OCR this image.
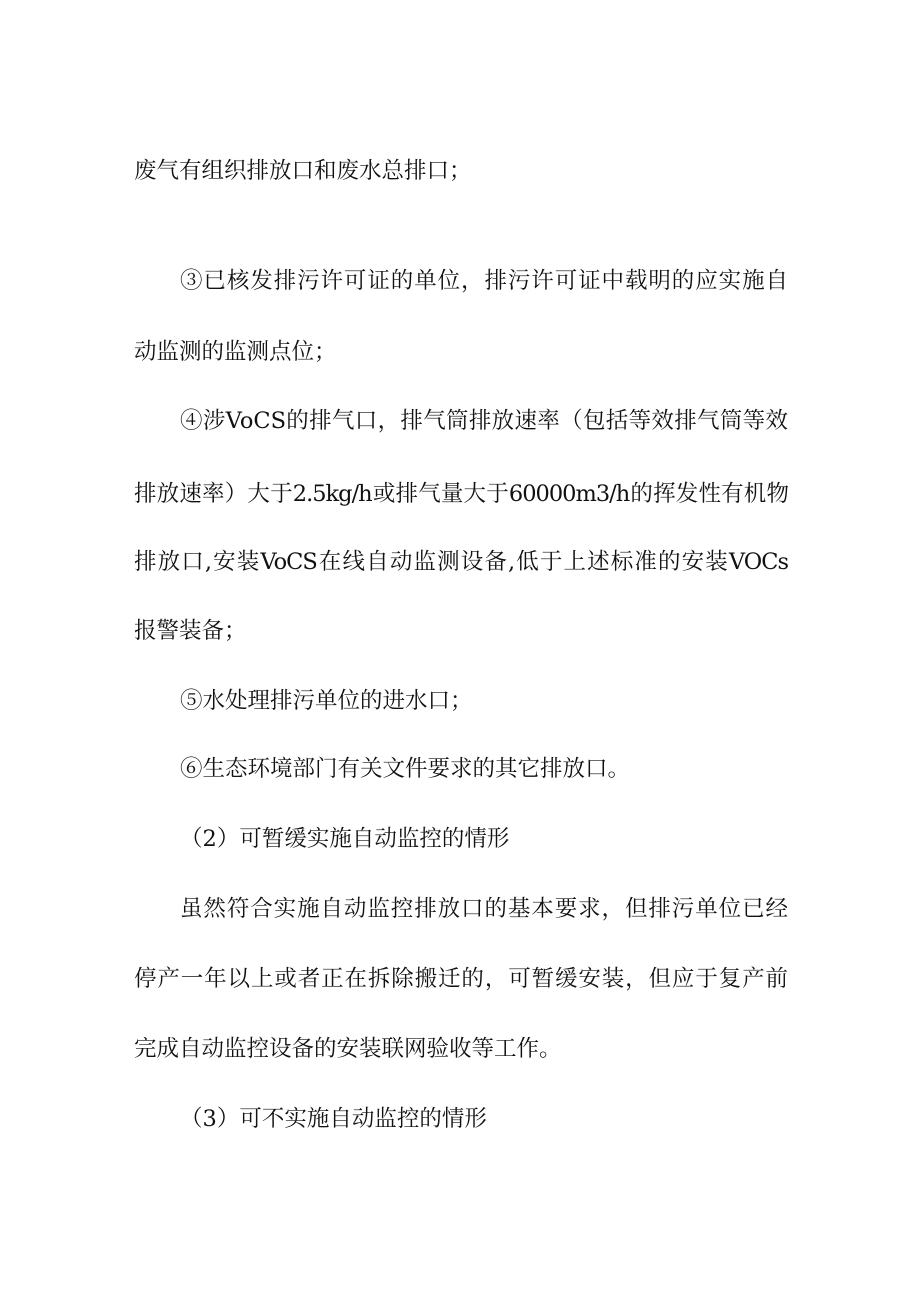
废气有组织排放口和废水总排口；

③已核发排污许可证的单位，排污许可证中载明的应实施自

动监测的监测点位；

④涉VoCS的排气口，排气筒排放速率（包括等效排气筒等效

排放速率）大于2.5kg/h或排气量大于60000m3/h的挥发性有机物

排放口,安装VoCS在线自动监测设备,低于上述标准的安装VOCs

报警装备；

⑤水处理排污单位的进水口；

⑥生态环境部门有关文件要求的其它排放口。

（2）可暂缓实施自动监控的情形

虽然符合实施自动监控排放口的基本要求，但排污单位已经

停产一年以上或者正在拆除搬迁的，可暂缓安装，但应于复产前

完成自动监控设备的安装联网验收等工作。

（3）可不实施自动监控的情形
